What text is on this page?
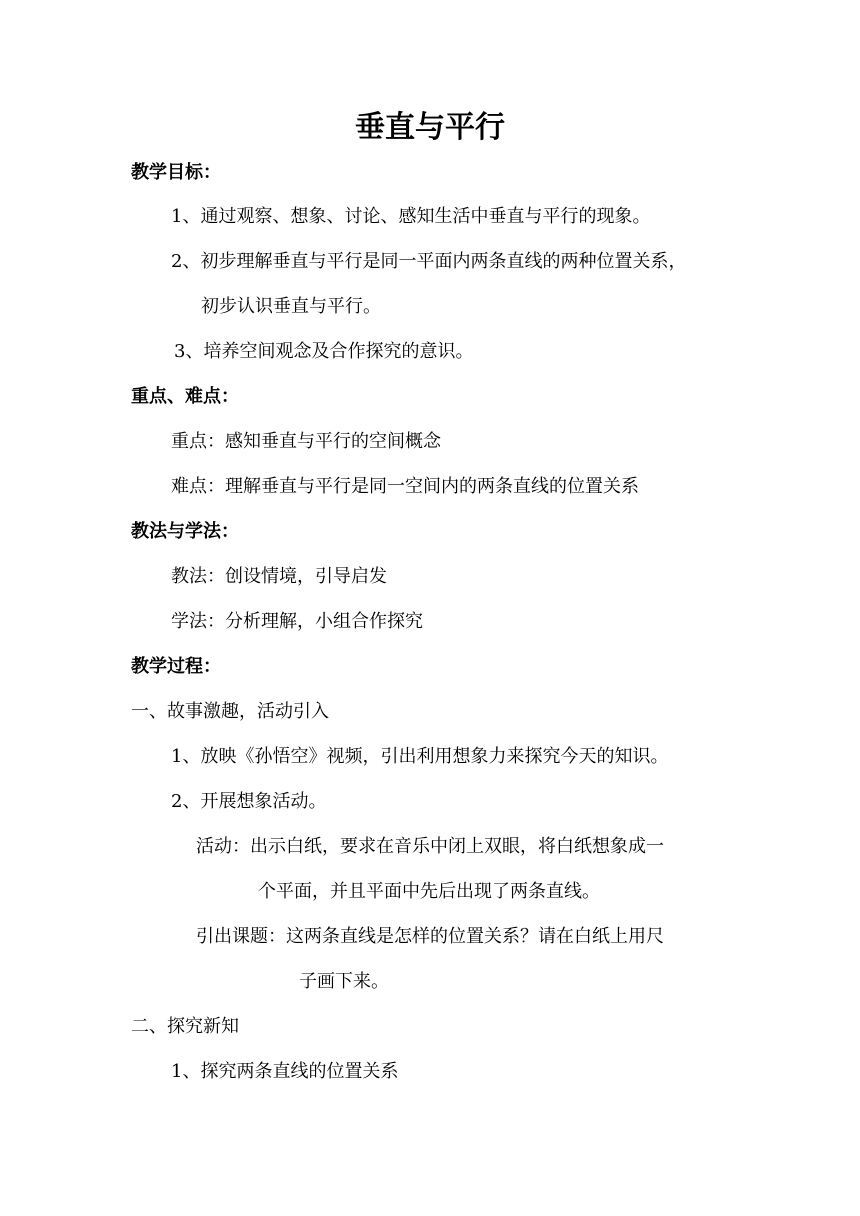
垂直与平行
教学目标：
1、通过观察、想象、讨论、感知生活中垂直与平行的现象。
2、初步理解垂直与平行是同一平面内两条直线的两种位置关系，
初步认识垂直与平行。
3、培养空间观念及合作探究的意识。
重点、难点：
重点：感知垂直与平行的空间概念
难点：理解垂直与平行是同一空间内的两条直线的位置关系
教法与学法：
教法：创设情境，引导启发
学法：分析理解，小组合作探究
教学过程：
一、故事激趣，活动引入
1、放映《孙悟空》视频，引出利用想象力来探究今天的知识。
2、开展想象活动。
活动：出示白纸，要求在音乐中闭上双眼，将白纸想象成一
个平面，并且平面中先后出现了两条直线。
引出课题：这两条直线是怎样的位置关系？请在白纸上用尺
子画下来。
二、探究新知
1、探究两条直线的位置关系
